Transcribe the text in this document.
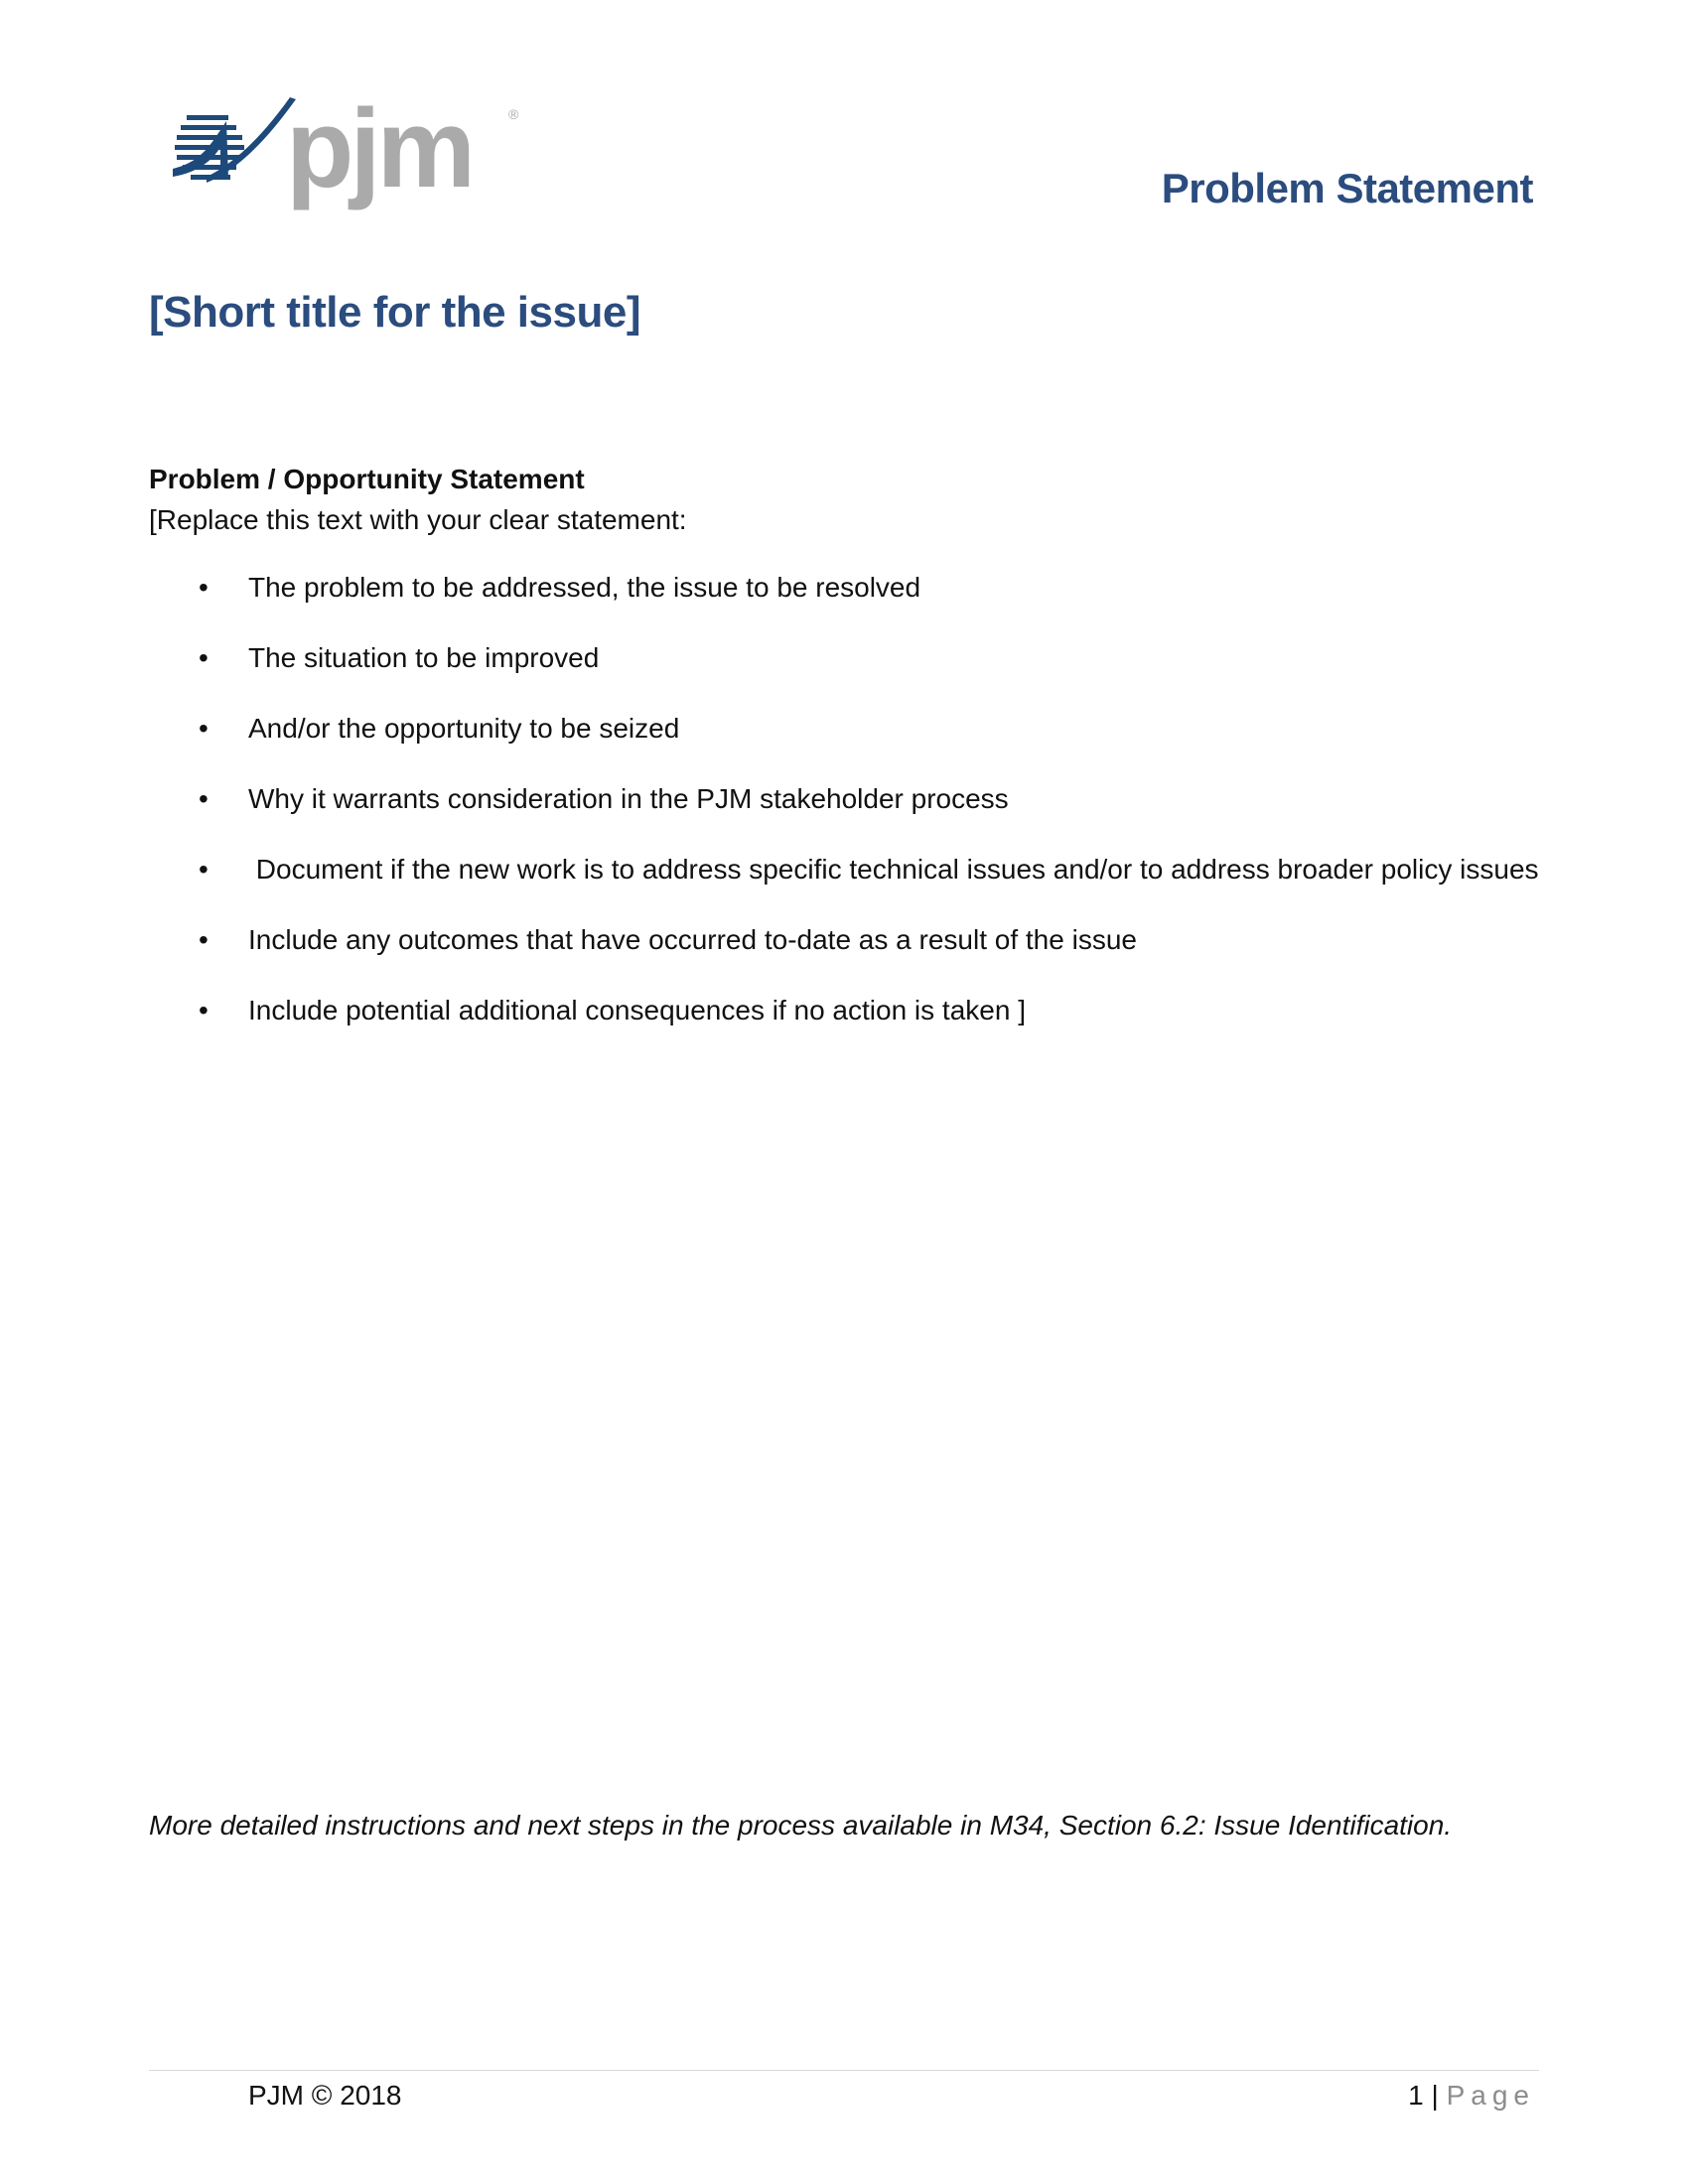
pjm	®
Problem Statement
[Short title for the issue]
Problem / Opportunity Statement
[Replace this text with your clear statement:
•	The problem to be addressed, the issue to be resolved
•	The situation to be improved
•	And/or the opportunity to be seized
•	Why it warrants consideration in the PJM stakeholder process
•	Document if the new work is to address specific technical issues and/or to address broader policy issues
•	Include any outcomes that have occurred to-date as a result of the issue
•	Include potential additional consequences if no action is taken ]
More detailed instructions and next steps in the process available in M34, Section 6.2: Issue Identification.
PJM © 2018	1 | Page
